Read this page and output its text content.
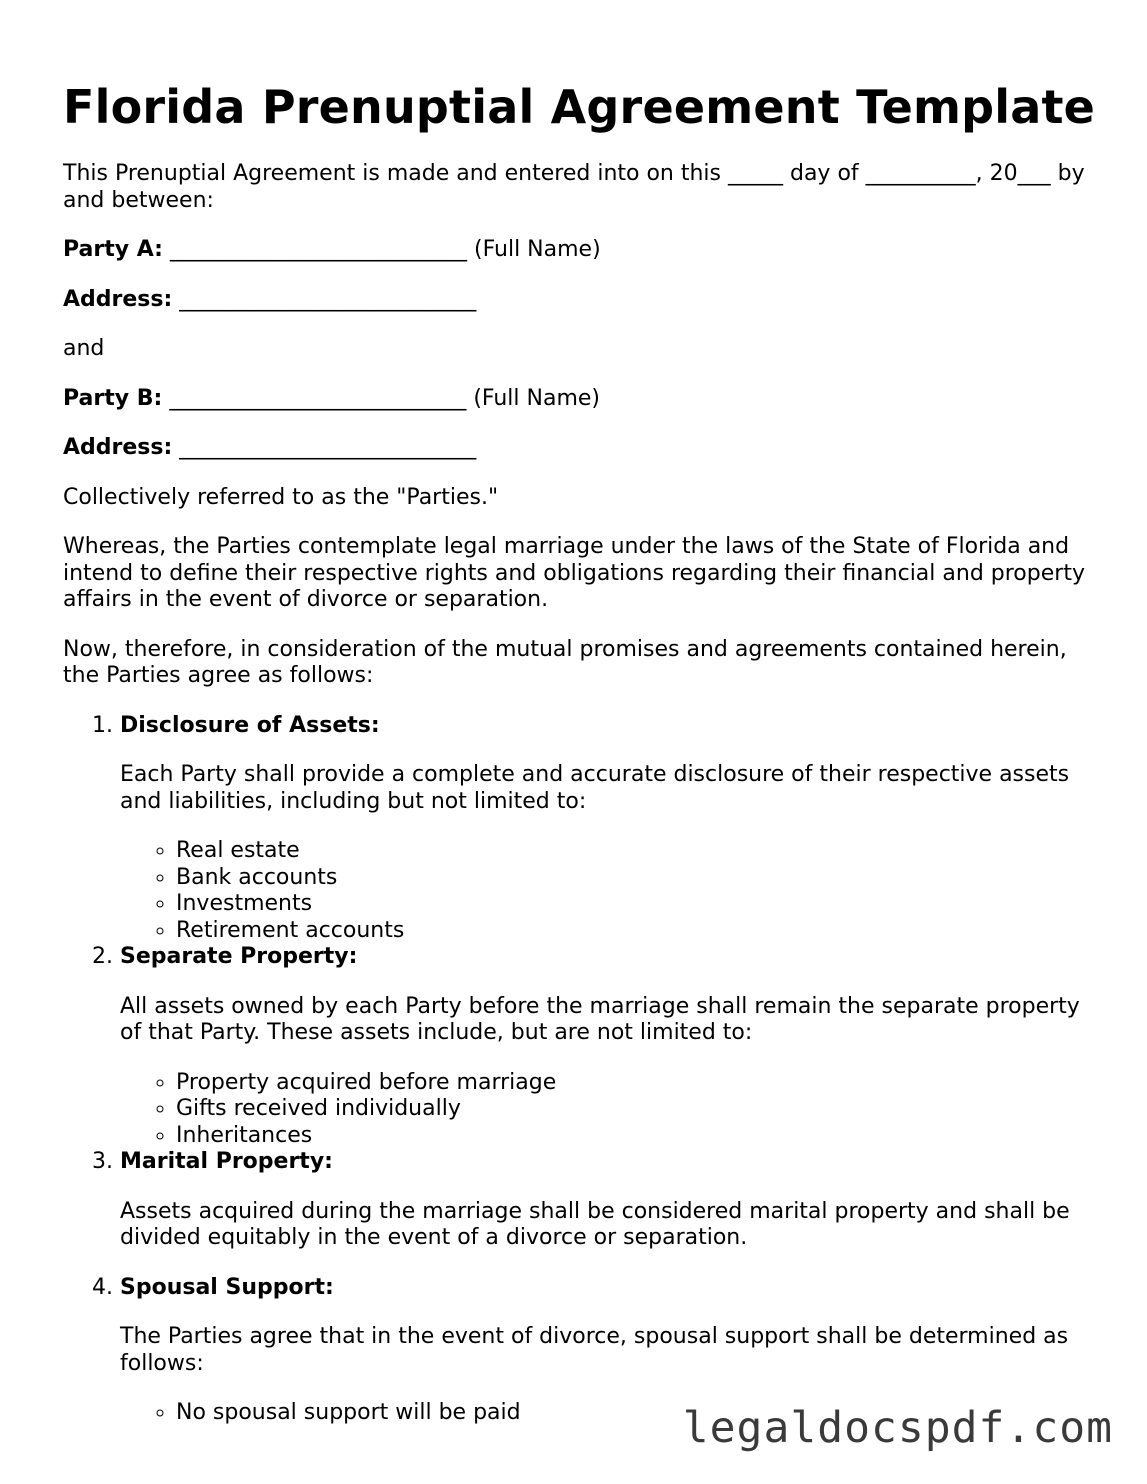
Florida Prenuptial Agreement Template

This Prenuptial Agreement is made and entered into on this _____ day of __________, 20___ by and between:

Party A: ___________________________ (Full Name)

Address: ___________________________

and

Party B: ___________________________ (Full Name)

Address: ___________________________

Collectively referred to as the "Parties."

Whereas, the Parties contemplate legal marriage under the laws of the State of Florida and intend to define their respective rights and obligations regarding their financial and property affairs in the event of divorce or separation.

Now, therefore, in consideration of the mutual promises and agreements contained herein, the Parties agree as follows:

1. Disclosure of Assets:

Each Party shall provide a complete and accurate disclosure of their respective assets and liabilities, including but not limited to:

◦ Real estate
◦ Bank accounts
◦ Investments
◦ Retirement accounts
2. Separate Property:

All assets owned by each Party before the marriage shall remain the separate property of that Party. These assets include, but are not limited to:

◦ Property acquired before marriage
◦ Gifts received individually
◦ Inheritances
3. Marital Property:

Assets acquired during the marriage shall be considered marital property and shall be divided equitably in the event of a divorce or separation.

4. Spousal Support:

The Parties agree that in the event of divorce, spousal support shall be determined as follows:

◦ No spousal support will be paid	legaldocspdf.com
